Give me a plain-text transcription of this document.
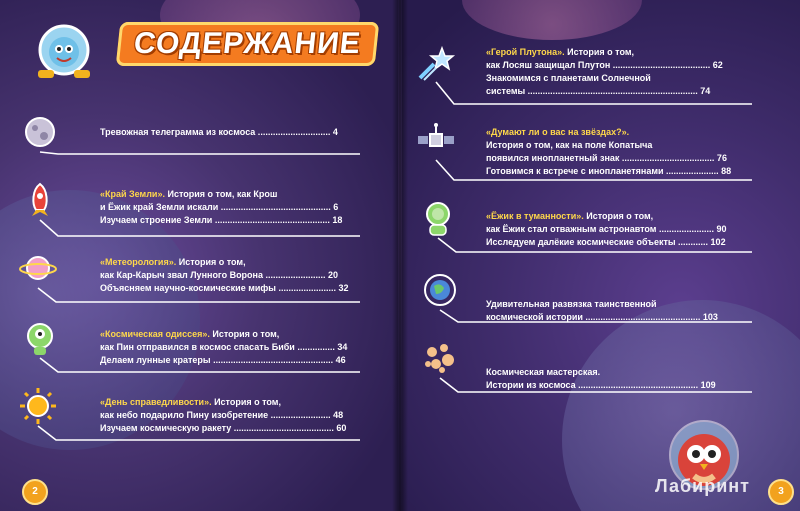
СОДЕРЖАНИЕ
Тревожная телеграмма из космоса ............................. 4
«Край Земли». История о том, как Крош
и Ёжик край Земли искали ............................................ 6
Изучаем строение Земли .............................................. 18
«Метеорология». История о том,
как Кар-Карыч звал Лунного Ворона ........................ 20
Объясняем научно-космические мифы ....................... 32
«Космическая одиссея». История о том,
как Пин отправился в космос спасать Биби ............... 34
Делаем лунные кратеры ................................................ 46
«День справедливости». История о том,
как небо подарило Пину изобретение ........................ 48
Изучаем космическую ракету ........................................ 60
2
«Герой Плутона». История о том,
как Лосяш защищал Плутон ....................................... 62
Знакомимся с планетами Солнечной
системы .................................................................... 74
«Думают ли о вас на звёздах?».
История о том, как на поле Копатыча
появился инопланетный знак ..................................... 76
Готовимся к встрече с инопланетянами ..................... 88
«Ёжик в туманности». История о том,
как Ёжик стал отважным астронавтом ...................... 90
Исследуем далёкие космические объекты ............ 102
Удивительная развязка таинственной
космической истории .............................................. 103
Космическая мастерская.
Истории из космоса ................................................ 109
Лабиринт	3
